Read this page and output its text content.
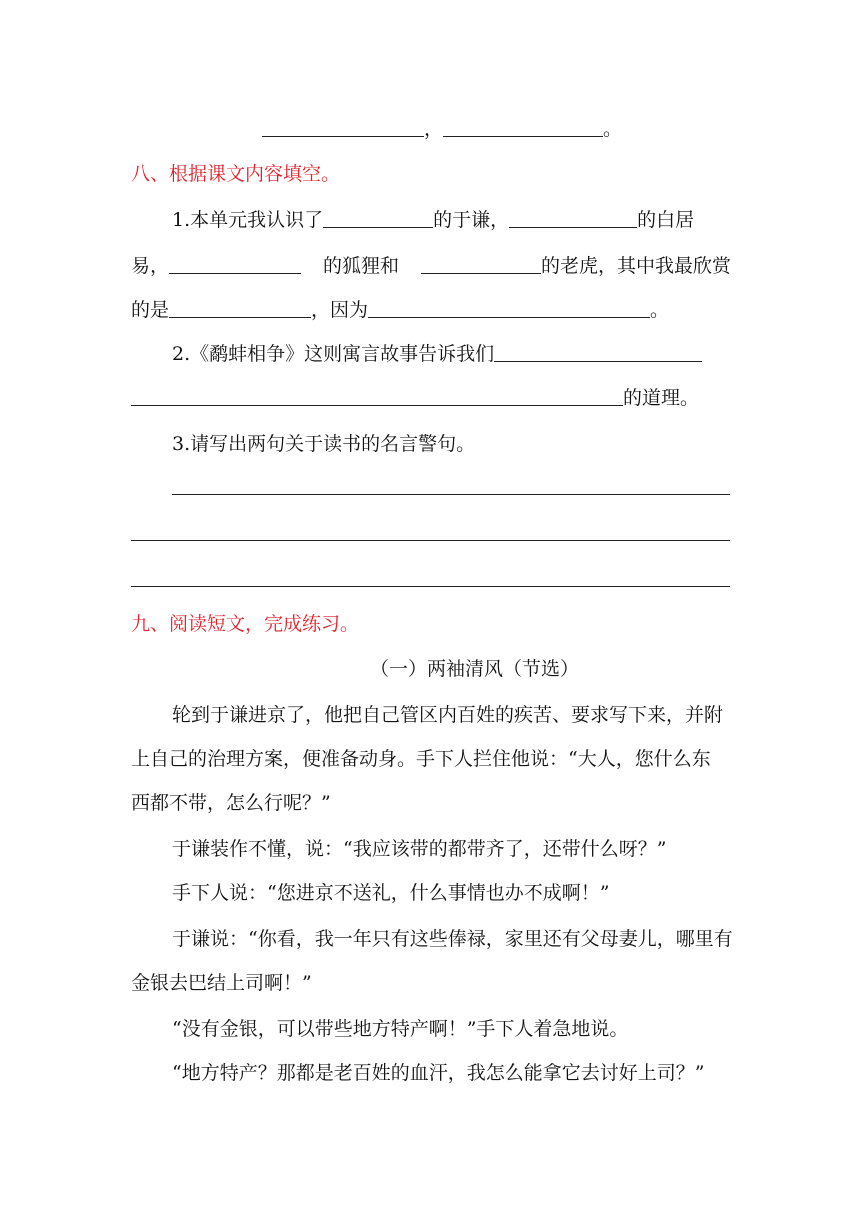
，	。
八、根据课文内容填空。
1.本单元我认识了	的于谦，	的白居
易，	的狐狸和	的老虎，其中我最欣赏
的是	，因为	。
2.《鹬蚌相争》这则寓言故事告诉我们
的道理。
3.请写出两句关于读书的名言警句。
九、阅读短文，完成练习。
（一）两袖清风（节选）
轮到于谦进京了，他把自己管区内百姓的疾苦、要求写下来，并附
上自己的治理方案，便准备动身。手下人拦住他说：“大人，您什么东
西都不带，怎么行呢？”
于谦装作不懂，说：“我应该带的都带齐了，还带什么呀？”
手下人说：“您进京不送礼，什么事情也办不成啊！”
于谦说：“你看，我一年只有这些俸禄，家里还有父母妻儿，哪里有
金银去巴结上司啊！”
“没有金银，可以带些地方特产啊！”手下人着急地说。
“地方特产？那都是老百姓的血汗，我怎么能拿它去讨好上司？”
